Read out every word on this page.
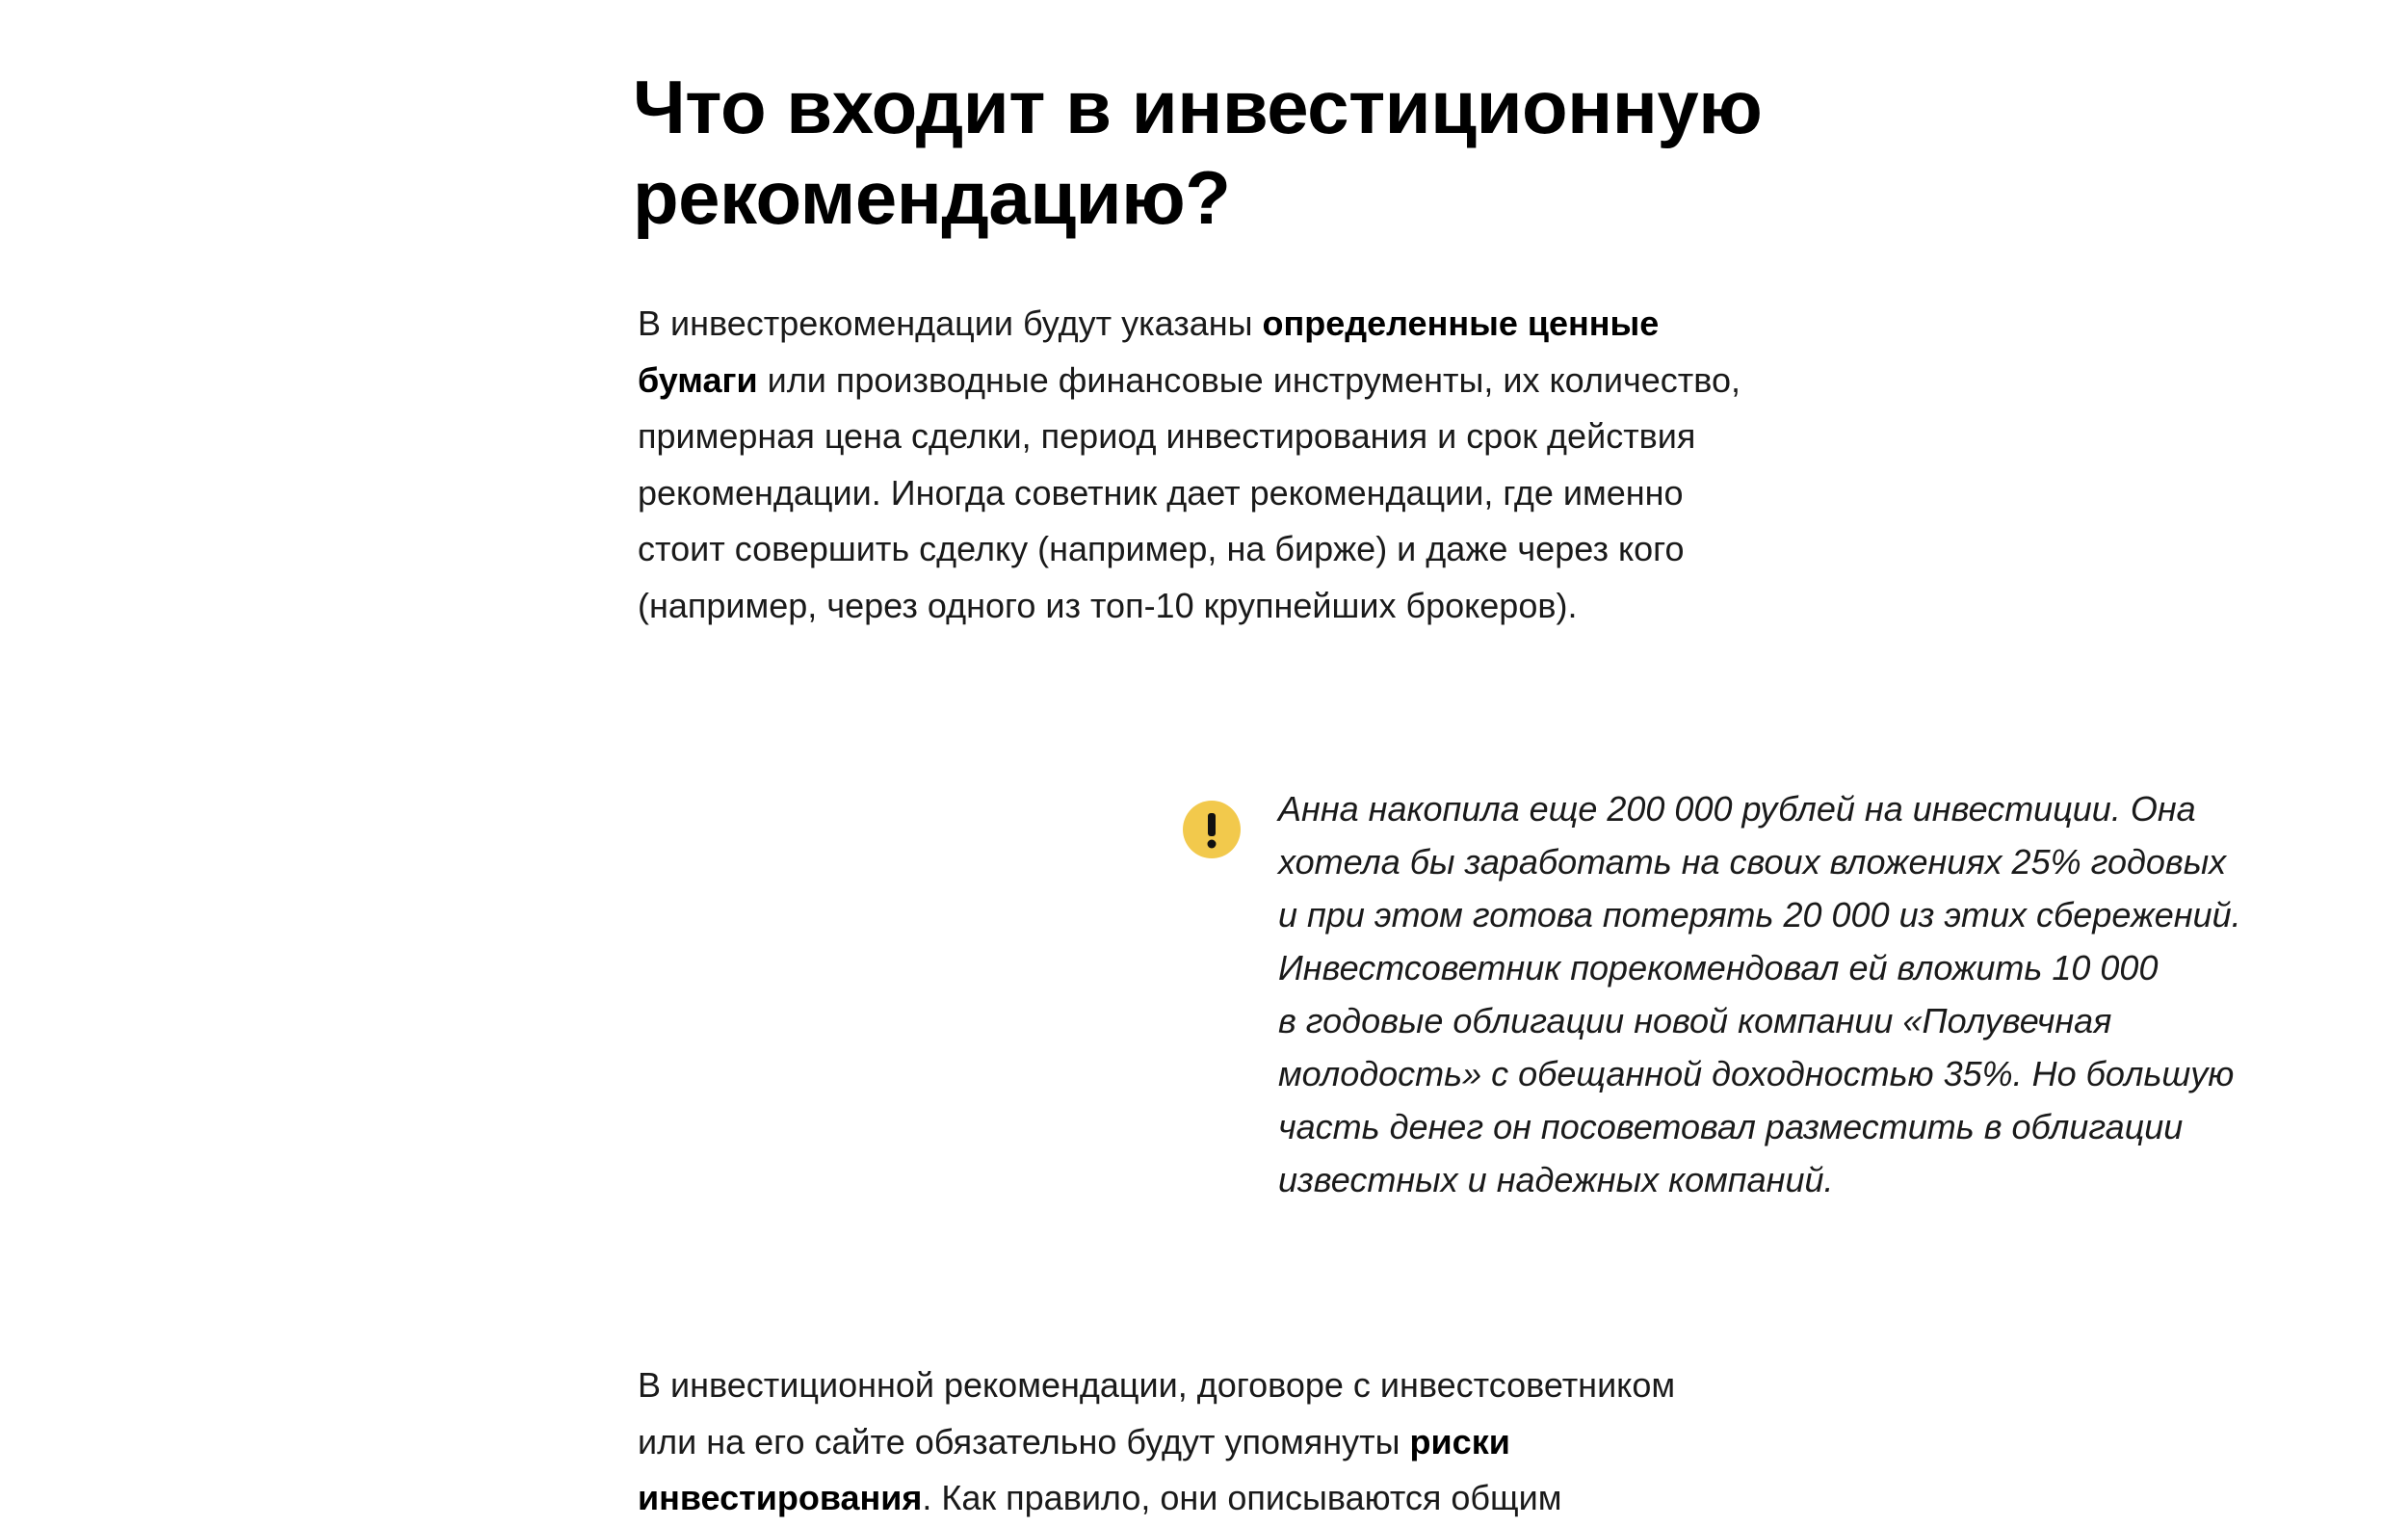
Что входит в инвестиционную
рекомендацию?
В инвестрекомендации будут указаны определенные ценные
бумаги или производные финансовые инструменты, их количество,
примерная цена сделки, период инвестирования и срок действия
рекомендации. Иногда советник дает рекомендации, где именно
стоит совершить сделку (например, на бирже) и даже через кого
(например, через одного из топ-10 крупнейших брокеров).
Анна накопила еще 200 000 рублей на инвестиции. Она
хотела бы заработать на своих вложениях 25% годовых
и при этом готова потерять 20 000 из этих сбережений.
Инвестсоветник порекомендовал ей вложить 10 000
в годовые облигации новой компании «Полувечная
молодость» с обещанной доходностью 35%. Но большую
часть денег он посоветовал разместить в облигации
известных и надежных компаний.
В инвестиционной рекомендации, договоре с инвестсоветником
или на его сайте обязательно будут упомянуты риски
инвестирования. Как правило, они описываются общим
